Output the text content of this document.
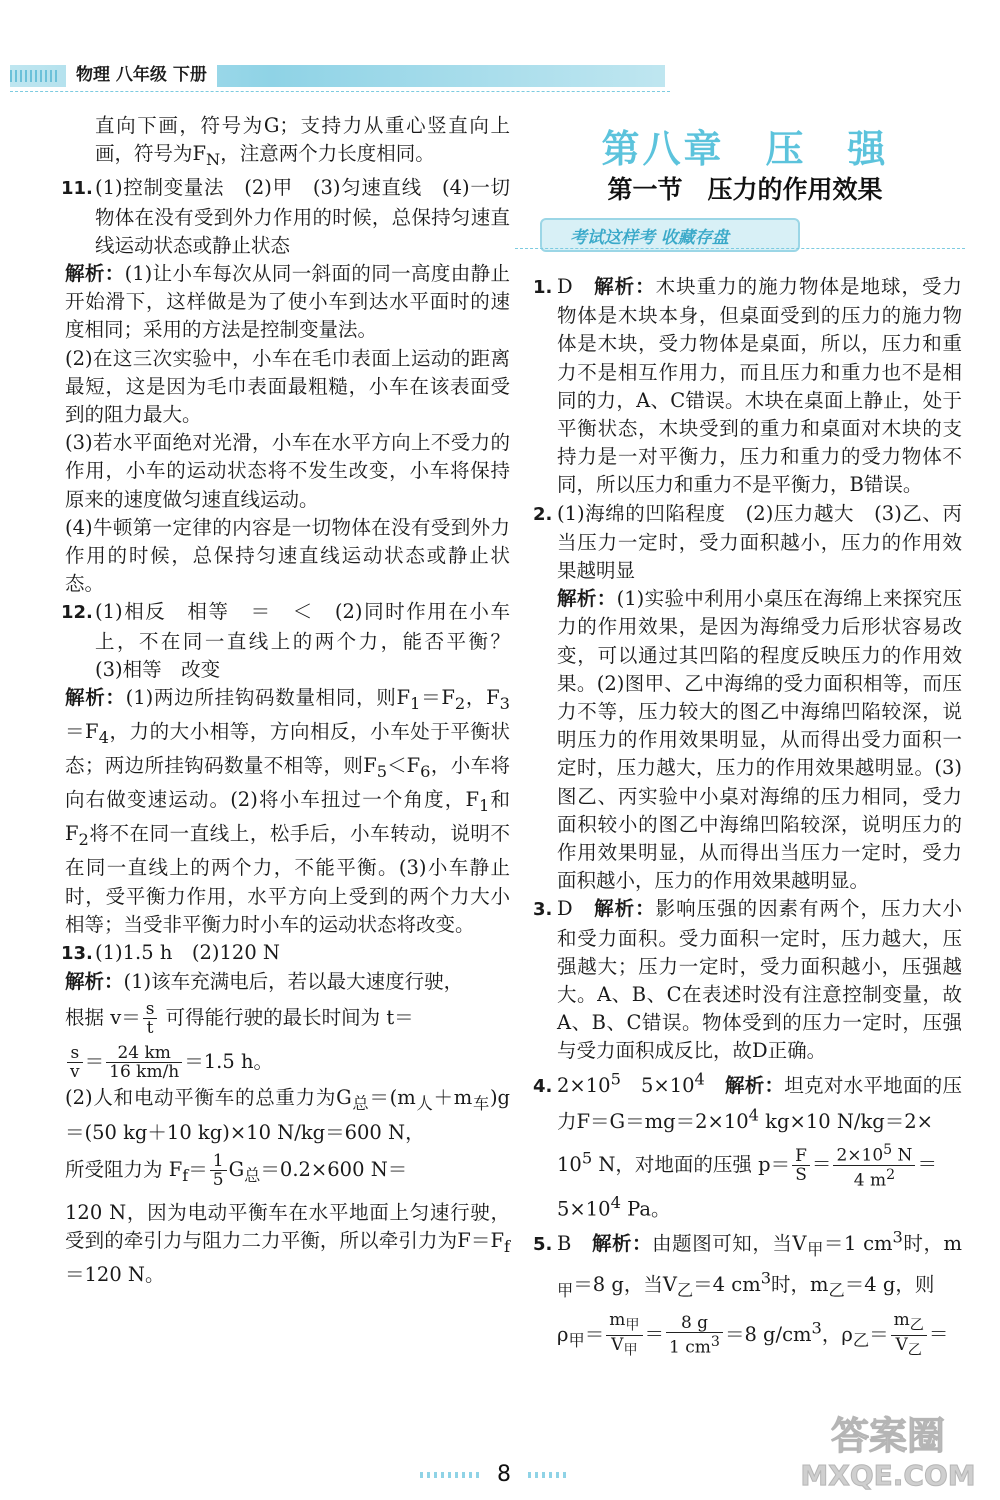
物理 八年级 下册

直向下画，符号为G；支持力从重心竖直向上画，符号为$F_N$，注意两个力长度相同。

11. (1)控制变量法　(2)甲　(3)匀速直线　(4)一切物体在没有受到外力作用的时候，总保持匀速直线运动状态或静止状态

解析：(1)让小车每次从同一斜面的同一高度由静止开始滑下，这样做是为了使小车到达水平面时的速度相同；采用的方法是控制变量法。

(2)在这三次实验中，小车在毛巾表面上运动的距离最短，这是因为毛巾表面最粗糙，小车在该表面受到的阻力最大。

(3)若水平面绝对光滑，小车在水平方向上不受力的作用，小车的运动状态将不发生改变，小车将保持原来的速度做匀速直线运动。

(4)牛顿第一定律的内容是一切物体在没有受到外力作用的时候，总保持匀速直线运动状态或静止状态。

12. (1)相反　相等　＝　＜　(2)同时作用在小车上，不在同一直线上的两个力，能否平衡？　(3)相等　改变

解析：(1)两边所挂钩码数量相同，则$F_1=F_2$，$F_3=F_4$，力的大小相等，方向相反，小车处于平衡状态；两边所挂钩码数量不相等，则$F_5<F_6$，小车将向右做变速运动。(2)将小车扭过一个角度，$F_1$和$F_2$将不在同一直线上，松手后，小车转动，说明不在同一直线上的两个力，不能平衡。(3)小车静止时，受平衡力作用，水平方向上受到的两个力大小相等；当受非平衡力时小车的运动状态将改变。

13. (1)1.5 h　(2)120 N

解析：(1)该车充满电后，若以最大速度行驶，

根据 $v= \frac{s}{t}$ 可得能行驶的最长时间为 t＝

$\frac{s}{v} = \frac{24 km}{16 km/h} =1.5$ h。

(2)人和电动平衡车的总重力为$G_总=(m_人+m_车)g=(50$ kg＋10 kg)×10 N/kg＝600 N，

所受阻力为 $F_f= \frac{1}{5} G_总=0.2\times 600$ N＝

120 N，因为电动平衡车在水平地面上匀速行驶，受到的牵引力与阻力二力平衡，所以牵引力为$F=F_f=120$ N。

第八章　压　强
第一节　压力的作用效果
考试这样考 收藏存盘

1. D　解析：木块重力的施力物体是地球，受力物体是木块本身，但桌面受到的压力的施力物体是木块，受力物体是桌面，所以，压力和重力不是相互作用力，而且压力和重力也不是相同的力，A、C错误。木块在桌面上静止，处于平衡状态，木块受到的重力和桌面对木块的支持力是一对平衡力，压力和重力的受力物体不同，所以压力和重力不是平衡力，B错误。

2. (1)海绵的凹陷程度　(2)压力越大　(3)乙、丙　当压力一定时，受力面积越小，压力的作用效果越明显

解析：(1)实验中利用小桌压在海绵上来探究压力的作用效果，是因为海绵受力后形状容易改变，可以通过其凹陷的程度反映压力的作用效果。(2)图甲、乙中海绵的受力面积相等，而压力不等，压力较大的图乙中海绵凹陷较深，说明压力的作用效果明显，从而得出受力面积一定时，压力越大，压力的作用效果越明显。(3)图乙、丙实验中小桌对海绵的压力相同，受力面积较小的图乙中海绵凹陷较深，说明压力的作用效果明显，从而得出当压力一定时，受力面积越小，压力的作用效果越明显。

3. D　解析：影响压强的因素有两个，压力大小和受力面积。受力面积一定时，压力越大，压强越大；压力一定时，受力面积越小，压强越大。A、B、C在表述时没有注意控制变量，故A、B、C错误。物体受到的压力一定时，压强与受力面积成反比，故D正确。

4. $2\times 10^5$　$5\times 10^4$　 解析：坦克对水平地面的压力$F=G=mg=2\times 10^4$ kg×10 N/kg＝2×

$10^5$ N，对地面的压强 $p= \frac{F}{S} = \frac{2\times 10^5 N}{4 m^2}$ ＝

$5\times 10^4$ Pa。

5. B　解析：由题图可知，当$V_甲=1$ $cm^3$时，$m_甲=8$ g，当$V_乙=4$ $cm^3$时，$m_乙=4$ g，则

$\rho_甲= \frac{m_甲}{V_甲} = \frac{8 g}{1 cm^3} =8$ $g/cm^3$，$\rho_乙= \frac{m_乙}{V_乙}$ ＝

8
答案圈
MXQE.COM
